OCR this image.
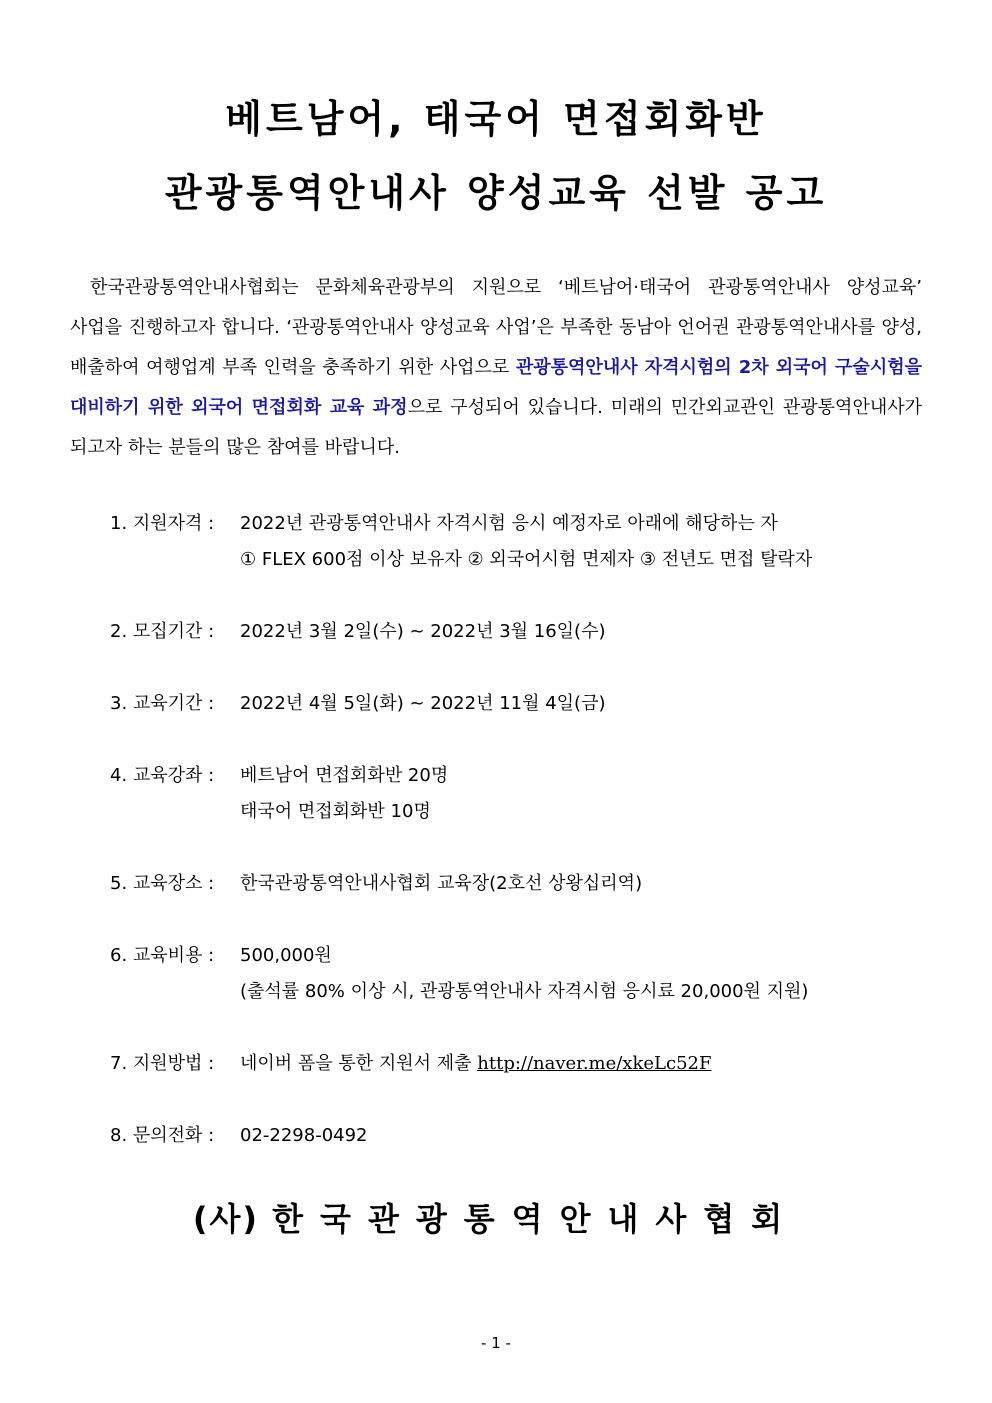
베트남어, 태국어 면접회화반
관광통역안내사 양성교육 선발 공고

한국관광통역안내사협회는 문화체육관광부의 지원으로 ‘베트남어·태국어 관광통역안내사 양성교육’ 사업을 진행하고자 합니다. ‘관광통역안내사 양성교육 사업’은 부족한 동남아 언어권 관광통역안내사를 양성, 배출하여 여행업계 부족 인력을 충족하기 위한 사업으로 관광통역안내사 자격시험의 2차 외국어 구술시험을 대비하기 위한 외국어 면접회화 교육 과정으로 구성되어 있습니다. 미래의 민간외교관인 관광통역안내사가 되고자 하는 분들의 많은 참여를 바랍니다.

1. 지원자격 :2022년 관광통역안내사 자격시험 응시 예정자로 아래에 해당하는 자
① FLEX 600점 이상 보유자 ② 외국어시험 면제자 ③ 전년도 면접 탈락자
2. 모집기간 :2022년 3월 2일(수) ~ 2022년 3월 16일(수)
3. 교육기간 :2022년 4월 5일(화) ~ 2022년 11월 4일(금)
4. 교육강좌 :베트남어 면접회화반 20명
태국어 면접회화반 10명
5. 교육장소 :한국관광통역안내사협회 교육장(2호선 상왕십리역)
6. 교육비용 :500,000원
(출석률 80% 이상 시, 관광통역안내사 자격시험 응시료 20,000원 지원)
7. 지원방법 :네이버 폼을 통한 지원서 제출 http://naver.me/xkeLc52F
8. 문의전화 :02-2298-0492
(사) 한국관광통역안내사협회
- 1 -
